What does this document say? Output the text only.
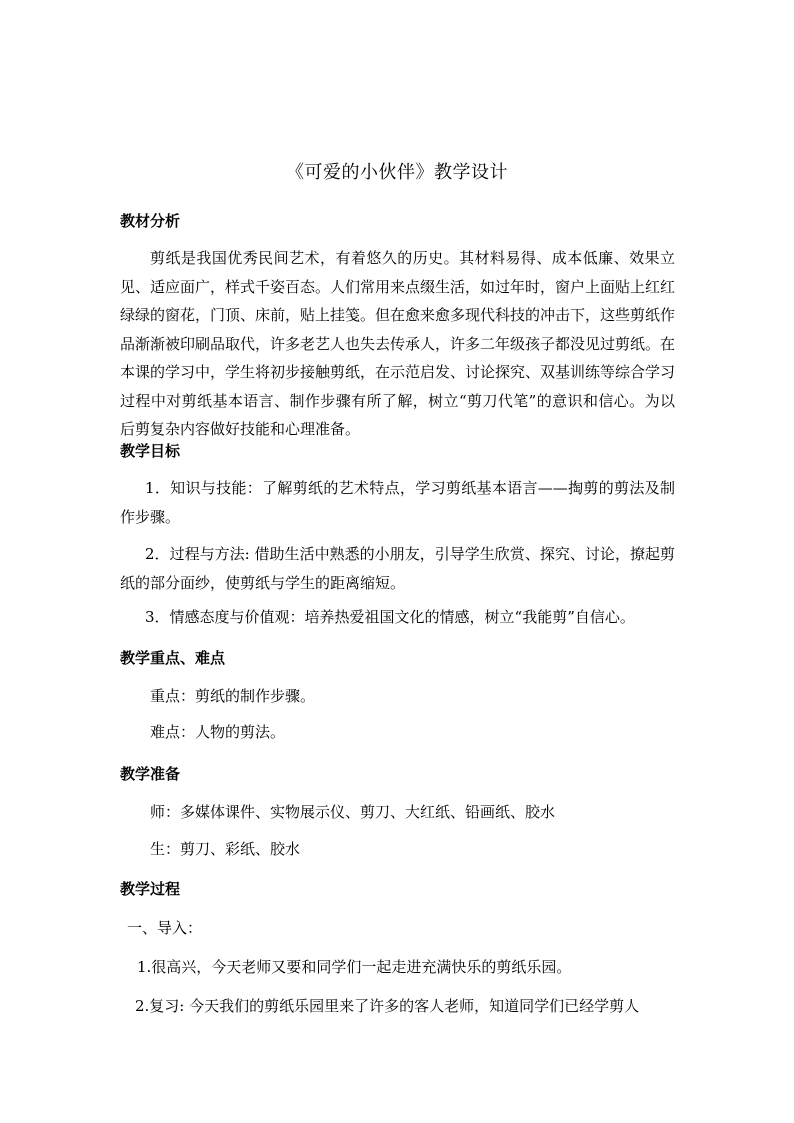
《可爱的小伙伴》教学设计
教材分析
剪纸是我国优秀民间艺术，有着悠久的历史。其材料易得、成本低廉、效果立见、适应面广，样式千姿百态。人们常用来点缀生活，如过年时，窗户上面贴上红红绿绿的窗花，门顶、床前，贴上挂笺。但在愈来愈多现代科技的冲击下，这些剪纸作品渐渐被印刷品取代，许多老艺人也失去传承人，许多二年级孩子都没见过剪纸。在本课的学习中，学生将初步接触剪纸，在示范启发、讨论探究、双基训练等综合学习过程中对剪纸基本语言、制作步骤有所了解，树立“剪刀代笔”的意识和信心。为以后剪复杂内容做好技能和心理准备。
教学目标
1．知识与技能：了解剪纸的艺术特点，学习剪纸基本语言——掏剪的剪法及制作步骤。
2．过程与方法: 借助生活中熟悉的小朋友，引导学生欣赏、探究、讨论，撩起剪纸的部分面纱，使剪纸与学生的距离缩短。
3．情感态度与价值观：培养热爱祖国文化的情感，树立“我能剪”自信心。
教学重点、难点
重点：剪纸的制作步骤。
难点：人物的剪法。
教学准备
师：多媒体课件、实物展示仪、剪刀、大红纸、铅画纸、胶水
生：剪刀、彩纸、胶水
教学过程
一、导入：
1.很高兴，今天老师又要和同学们一起走进充满快乐的剪纸乐园。
2.复习: 今天我们的剪纸乐园里来了许多的客人老师，知道同学们已经学剪人
